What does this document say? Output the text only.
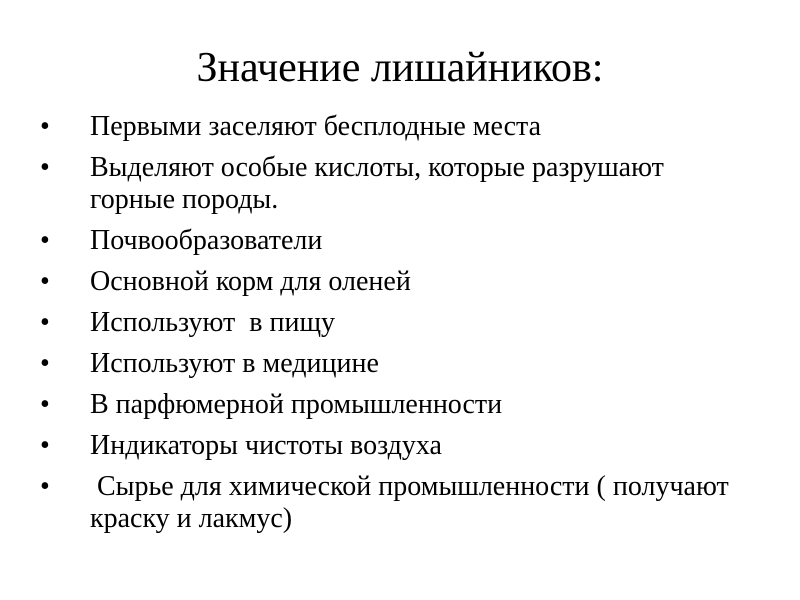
Значение лишайников:
•	Первыми заселяют бесплодные места
•	Выделяют особые кислоты, которые разрушают горные породы.
•	Почвообразователи
•	Основной корм для оленей
•	Используют  в пищу
•	Используют в медицине
•	В парфюмерной промышленности
•	Индикаторы чистоты воздуха
•	Сырье для химической промышленности ( получают краску и лакмус)
